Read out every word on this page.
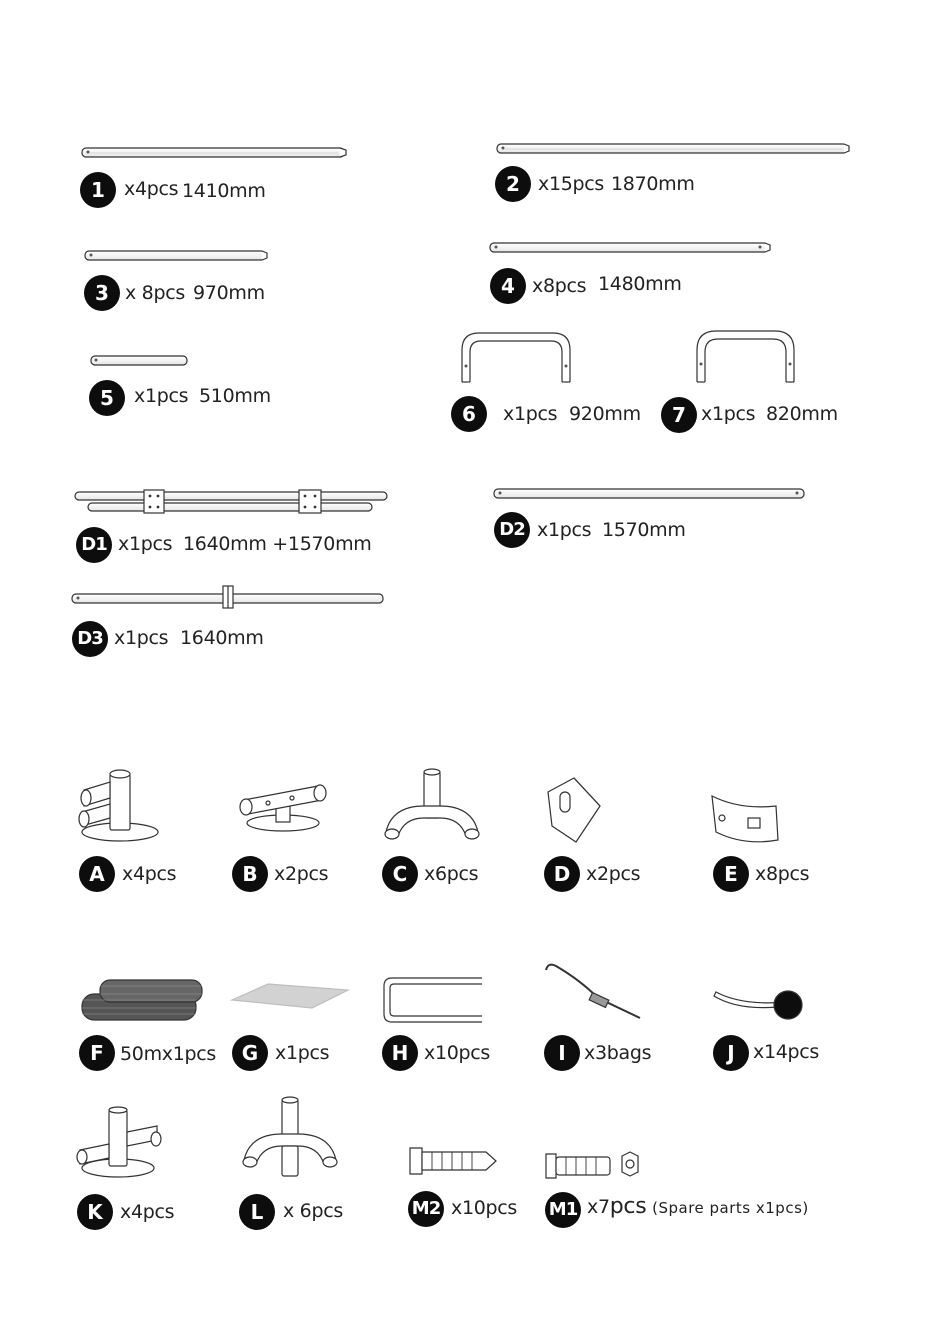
1	x4pcs 1410mm	2 x15pcs 1870mm
3 x 8pcs 970mm	4 x8pcs 1480mm
5	x1pcs 510mm
6	x1pcs 920mm	7 x1pcs 820mm
D1 x1pcs 1640mm +1570mm
D2 x1pcs 1570mm
D3 x1pcs 1640mm
A x4pcs	B x2pcs	C x6pcs	D x2pcs	E x8pcs
F 50mx1pcs	G x1pcs	H x10pcs	I x3bags	J x14pcs
K x4pcs	L	x 6pcs	M2 x10pcs M1 x7pcs (Spare parts x1pcs)
